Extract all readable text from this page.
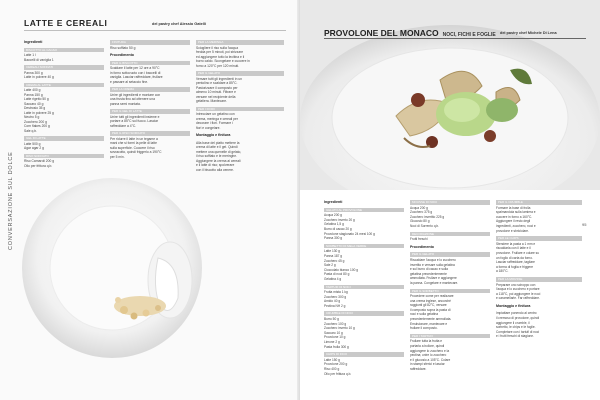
LATTE E CEREALI	del pastry chef Alessio Gatelli
CONVERSAZIONE SUL DOLCE
Ingredienti
BISCOTTO AL CACAO
Latte 1 l
Baccelli di vaniglia 1
CEREALI SOFFIATI
Panna 300 g
Latte in polvere 40 g
CREMA AL LATTE
Latte 400 g
Panna 150 g
Latte rigetto 50 g
Saccaro 40 g
Destrosio 35 g
Latte in polvere 25 g
Neutro 5 g
Zucchero 200 g
Corn flakes 200 g
Sale q.b.
GEL DI LATTE
Latte 500 g
Agar agar 2 g
RISO SOFFIATO
Riso Carnaroli 200 g
Olio per frittura q.b.
FINITURA
Riso soffiato 50 g
Procedimento
PER IL BISCOTTO
Scaldare il latte per 12 ore a 90°C
in forno sottovuoto con i baccelli di
vaniglia. Lasciar raffreddare, frullare
e passare al setaccio fine.
PER LA CREMA
Unire gli ingredienti e montare con
una frusta fino ad ottenere una
panna semi montata.
PER IL GEL DI LATTE
Unire tutti gli ingredienti insieme e
portare a 85°C sul fuoco. Lasciar
raffreddare a 4°C.
PER IL RISO SOFFIATO
Per ridurre il latte in un tegame a
mani che si formi la pelle di latte
sulla superficie. Cuocere il riso
sovracotto, quindi friggerlo a 190°C
per 5 min.
PER LA MERINGA
Sciogliere il riso sulla l'acqua
fredda per 5 minuti, poi strizzare
ed aggiungere tutto la lecitina e il
burro caldo. Scongelare e cuocere in
forno a 120°C per 120 minuti.
PER IL GELATO
Versare tutti gli ingredienti in un
pentolino e scaldare a 85°C.
Pastorizzare il composto per
almeno 10 minuti. Filtrare e
versare nel recipiente della
gelatiera. Mantecare.
PER I FIORI
Intrecciare un gelatino con
crema, meringa e cereali per
decorare i fiori. Formare i
fiori e congelare.
Montaggio e finitura
Alla base del piatto mettere la
crema di latte e il gel. Quindi
mettere una quenelle di gelato,
il riso soffiato e le meringhe.
Aggiungere la crema ai cereali
e il latte di riso; spolverare
con il biscotto alla cenere.
PROVOLONE DEL MONACO NOCI, FICHI E FOGLIE del pastry chef Michele Di Lena
95
Ingredienti
GELATO AL PROVOLONE
Acqua 200 g
Zucchero inverto 20 g
Gelatina 1,5 g
Burro di cacao 20 g
Provolone stagionato 24 mesi 100 g
Panna 300 g
SORBETTO DI MELA VERDE
Latte 130 g
Panna 187 g
Zucchero 45 g
Sale 2 g
Cioccolato bianco 100 g
Pasta di noci 80 g
Gelatina 4 g
TARTUFI DI NOCI
Frutta mista 1 kg
Zucchero 300 g
Amido 40 g
Pectina NH 2 g
CRUMBLE DI NOCI
Burro 50 g
Zucchero 100 g
Zucchero inverto 10 g
Saccaro 10 g
Provolone 10 g
Limone 2 g
Pasta frolla 300 g
CHIPS DI FICO
Latte 150 g
Provolone 200 g
Riso 400 g
Olio per frittura q.b.
MOUSSE DI NOCI
Acqua 200 g
Zucchero 375 g
Zucchero invertito 225 g
Glucosio 80 g
Noci di Sorrento q.b.
DECORAZIONE
Frutti freschi
Procedimento
PER IL GELATO
Riscaldare l'acqua e lo zucchero
invertito e versare sulla gelatina
e sul burro di cacao e sulla
gelatina precedentemente
ammollata. Frullare e aggiungere
la panna. Congelare e mantecare.
PER IL SORBETTO
Procedere come per realizzare
una crema inglese, ancorché
raggiunti gli 82°C, versare
il composto sopra la pasta di
noci e sulla gelatina
precedentemente ammollata.
Emulsionare, mantecare e
frullare il composto.
PER I TARTUFI
Frullare tutta la frutta e
portarla a bollore, quindi
aggiungere lo zucchero e la
pectina; unire lo zucchero
e il glucosio a 105°C. Colare
in stampi sferici e lasciar
raffreddare.
PER IL CRUMBLE
Formare la base di frolla
spalmandola sulla lamiera e
cuocere in forno a 160°C.
Aggiungere il resto degli
ingredienti, zucchero, noci e
provolone e sbriciolare.
PER LE CHIPS
Stendere la pasta a 1 mm e
riscaldarla con il latte e il
provolone. Frullare e colare su
un foglio di carta da forno.
Lasciar raffreddare, tagliare
a forma di foglia e friggere
a 180°C.
PER LA MOUSSE
Preparare uno sciroppo con
l'acqua e lo zucchero e portare
a 118°C, poi aggiungere le noci
e caramellarle. Far raffreddare.
Montaggio e finitura
Impiattare ponendo al centro
il cremoso di provolone, quindi
aggiungere il crumble, il
sorbetto, le chips e le foglie.
Completare con i tartufi di noci
e i frutti freschi di stagione.
